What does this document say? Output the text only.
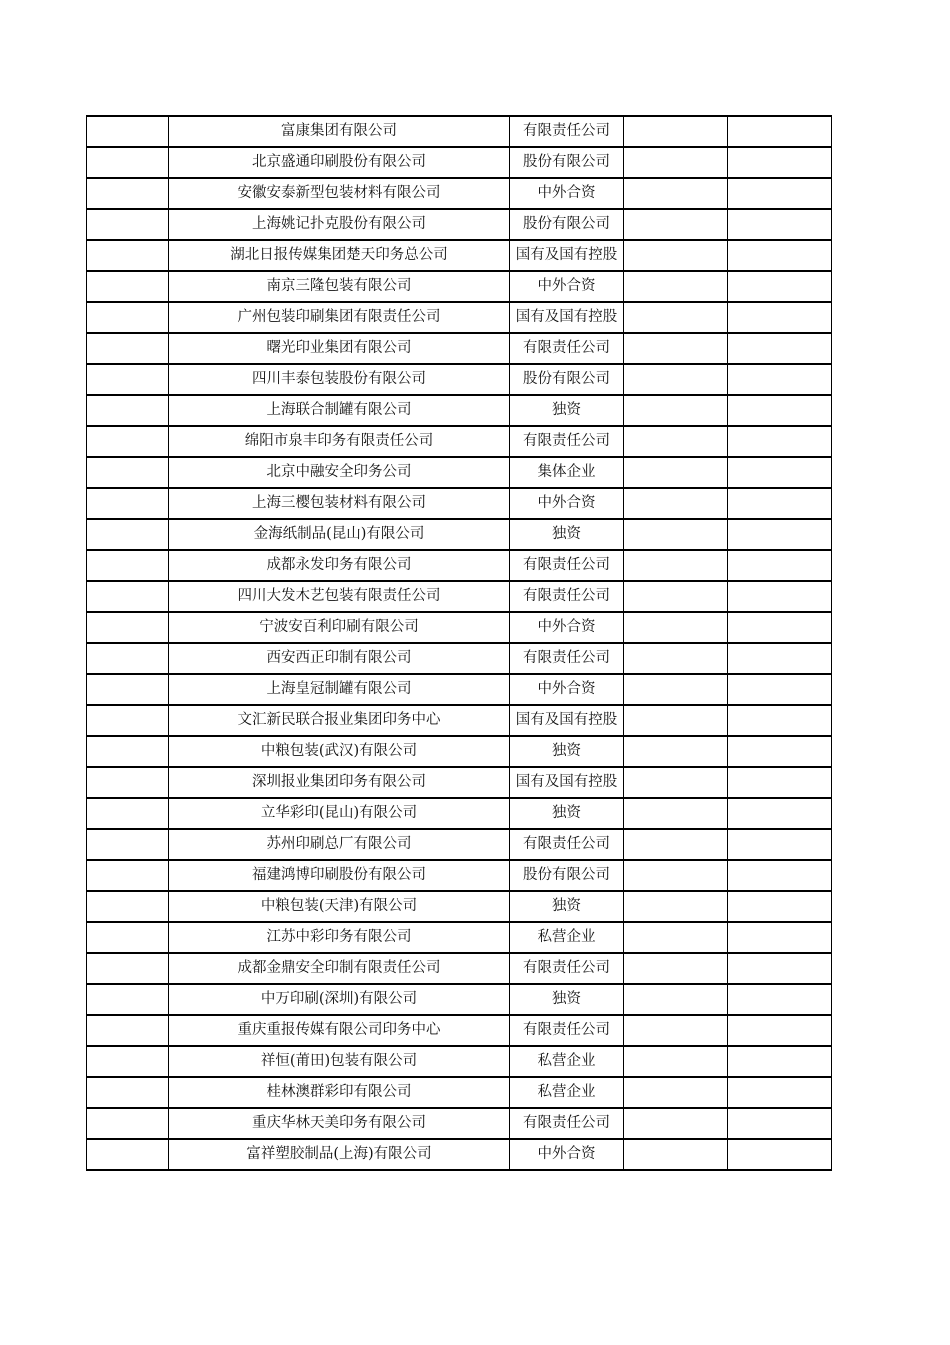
	富康集团有限公司	有限责任公司		
	北京盛通印刷股份有限公司	股份有限公司		
	安徽安泰新型包装材料有限公司	中外合资		
	上海姚记扑克股份有限公司	股份有限公司		
	湖北日报传媒集团楚天印务总公司	国有及国有控股		
	南京三隆包装有限公司	中外合资		
	广州包装印刷集团有限责任公司	国有及国有控股		
	曙光印业集团有限公司	有限责任公司		
	四川丰泰包装股份有限公司	股份有限公司		
	上海联合制罐有限公司	独资		
	绵阳市泉丰印务有限责任公司	有限责任公司		
	北京中融安全印务公司	集体企业		
	上海三樱包装材料有限公司	中外合资		
	金海纸制品(昆山)有限公司	独资		
	成都永发印务有限公司	有限责任公司		
	四川大发木艺包装有限责任公司	有限责任公司		
	宁波安百利印刷有限公司	中外合资		
	西安西正印制有限公司	有限责任公司		
	上海皇冠制罐有限公司	中外合资		
	文汇新民联合报业集团印务中心	国有及国有控股		
	中粮包装(武汉)有限公司	独资		
	深圳报业集团印务有限公司	国有及国有控股		
	立华彩印(昆山)有限公司	独资		
	苏州印刷总厂有限公司	有限责任公司		
	福建鸿博印刷股份有限公司	股份有限公司		
	中粮包装(天津)有限公司	独资		
	江苏中彩印务有限公司	私营企业		
	成都金鼎安全印制有限责任公司	有限责任公司		
	中万印刷(深圳)有限公司	独资		
	重庆重报传媒有限公司印务中心	有限责任公司		
	祥恒(莆田)包装有限公司	私营企业		
	桂林澳群彩印有限公司	私营企业		
	重庆华林天美印务有限公司	有限责任公司		
	富祥塑胶制品(上海)有限公司	中外合资		
